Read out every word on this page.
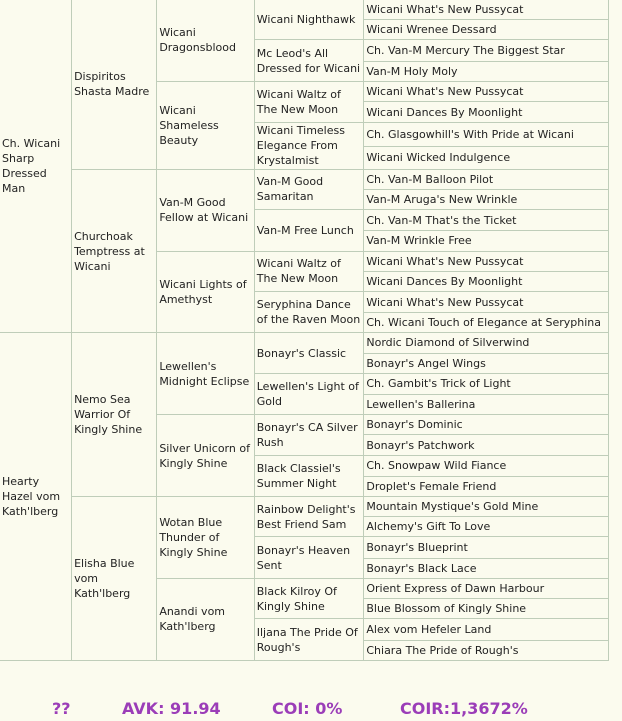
Ch. Wicani Sharp Dressed Man	Dispiritos Shasta Madre	Wicani Dragonsblood	Wicani Nighthawk	Wicani What's New Pussycat
				Wicani Wrenee Dessard
			Mc Leod's All Dressed for Wicani	Ch. Van-M Mercury The Biggest Star
				Van-M Holy Moly
		Wicani Shameless Beauty	Wicani Waltz of The New Moon	Wicani What's New Pussycat
				Wicani Dances By Moonlight
			Wicani Timeless Elegance From Krystalmist	Ch. Glasgowhill's With Pride at Wicani
				Wicani Wicked Indulgence
	Churchoak Temptress at Wicani	Van-M Good Fellow at Wicani	Van-M Good Samaritan	Ch. Van-M Balloon Pilot
				Van-M Aruga's New Wrinkle
			Van-M Free Lunch	Ch. Van-M That's the Ticket
				Van-M Wrinkle Free
		Wicani Lights of Amethyst	Wicani Waltz of The New Moon	Wicani What's New Pussycat
				Wicani Dances By Moonlight
			Seryphina Dance of the Raven Moon	Wicani What's New Pussycat
				Ch. Wicani Touch of Elegance at Seryphina
Hearty Hazel vom Kath'lberg	Nemo Sea Warrior Of Kingly Shine	Lewellen's Midnight Eclipse	Bonayr's Classic	Nordic Diamond of Silverwind
				Bonayr's Angel Wings
			Lewellen's Light of Gold	Ch. Gambit's Trick of Light
				Lewellen's Ballerina
		Silver Unicorn of Kingly Shine	Bonayr's CA Silver Rush	Bonayr's Dominic
				Bonayr's Patchwork
			Black Classiel's Summer Night	Ch. Snowpaw Wild Fiance
				Droplet's Female Friend
	Elisha Blue vom Kath'lberg	Wotan Blue Thunder of Kingly Shine	Rainbow Delight's Best Friend Sam	Mountain Mystique's Gold Mine
				Alchemy's Gift To Love
			Bonayr's Heaven Sent	Bonayr's Blueprint
				Bonayr's Black Lace
		Anandi vom Kath'lberg	Black Kilroy Of Kingly Shine	Orient Express of Dawn Harbour
				Blue Blossom of Kingly Shine
			Iljana The Pride Of Rough's	Alex vom Hefeler Land
				Chiara The Pride of Rough's
??	AVK: 91.94	COI: 0%	COIR:1,3672%
